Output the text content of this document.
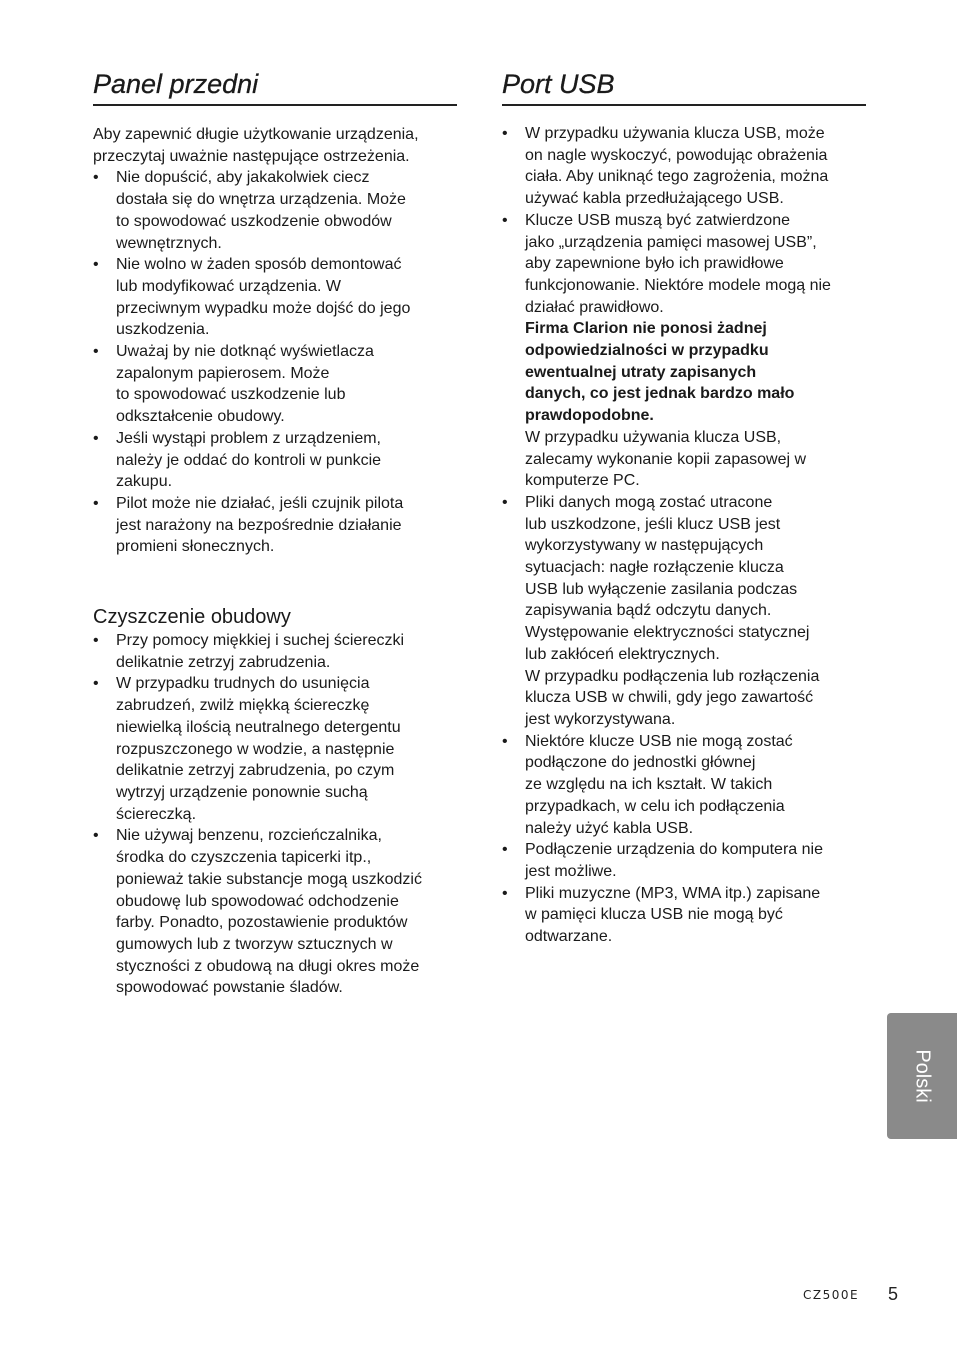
Panel przedni

Aby zapewnić długie użytkowanie urządzenia,
przeczytaj uważnie następujące ostrzeżenia.

• Nie dopuścić, aby jakakolwiek ciecz
dostała się do wnętrza urządzenia. Może
to spowodować uszkodzenie obwodów
wewnętrznych.
• Nie wolno w żaden sposób demontować
lub modyfikować urządzenia. W
przeciwnym wypadku może dojść do jego
uszkodzenia.
• Uważaj by nie dotknąć wyświetlacza
zapalonym papierosem. Może
to spowodować uszkodzenie lub
odkształcenie obudowy.
• Jeśli wystąpi problem z urządzeniem,
należy je oddać do kontroli w punkcie
zakupu.
• Pilot może nie działać, jeśli czujnik pilota
jest narażony na bezpośrednie działanie
promieni słonecznych.
Czyszczenie obudowy
• Przy pomocy miękkiej i suchej ściereczki
delikatnie zetrzyj zabrudzenia.
• W przypadku trudnych do usunięcia
zabrudzeń, zwilż miękką ściereczkę
niewielką ilością neutralnego detergentu
rozpuszczonego w wodzie, a następnie
delikatnie zetrzyj zabrudzenia, po czym
wytrzyj urządzenie ponownie suchą
ściereczką.
• Nie używaj benzenu, rozcieńczalnika,
środka do czyszczenia tapicerki itp.,
ponieważ takie substancje mogą uszkodzić
obudowę lub spowodować odchodzenie
farby. Ponadto, pozostawienie produktów
gumowych lub z tworzyw sztucznych w
styczności z obudową na długi okres może
spowodować powstanie śladów.
Port USB
• W przypadku używania klucza USB, może
on nagle wyskoczyć, powodując obrażenia
ciała. Aby uniknąć tego zagrożenia, można
używać kabla przedłużającego USB.
• Klucze USB muszą być zatwierdzone
jako „urządzenia pamięci masowej USB”,
aby zapewnione było ich prawidłowe
funkcjonowanie. Niektóre modele mogą nie
działać prawidłowo.
Firma Clarion nie ponosi żadnej
odpowiedzialności w przypadku
ewentualnej utraty zapisanych
danych, co jest jednak bardzo mało
prawdopodobne.
W przypadku używania klucza USB,
zalecamy wykonanie kopii zapasowej w
komputerze PC.
• Pliki danych mogą zostać utracone
lub uszkodzone, jeśli klucz USB jest
wykorzystywany w następujących
sytuacjach: nagłe rozłączenie klucza
USB lub wyłączenie zasilania podczas
zapisywania bądź odczytu danych.
Występowanie elektryczności statycznej
lub zakłóceń elektrycznych.
W przypadku podłączenia lub rozłączenia
klucza USB w chwili, gdy jego zawartość
jest wykorzystywana.
• Niektóre klucze USB nie mogą zostać
podłączone do jednostki głównej
ze względu na ich kształt. W takich
przypadkach, w celu ich podłączenia
należy użyć kabla USB.
• Podłączenie urządzenia do komputera nie
jest możliwe.
• Pliki muzyczne (MP3, WMA itp.) zapisane
w pamięci klucza USB nie mogą być
odtwarzane.
Polski
CZ500E 5
